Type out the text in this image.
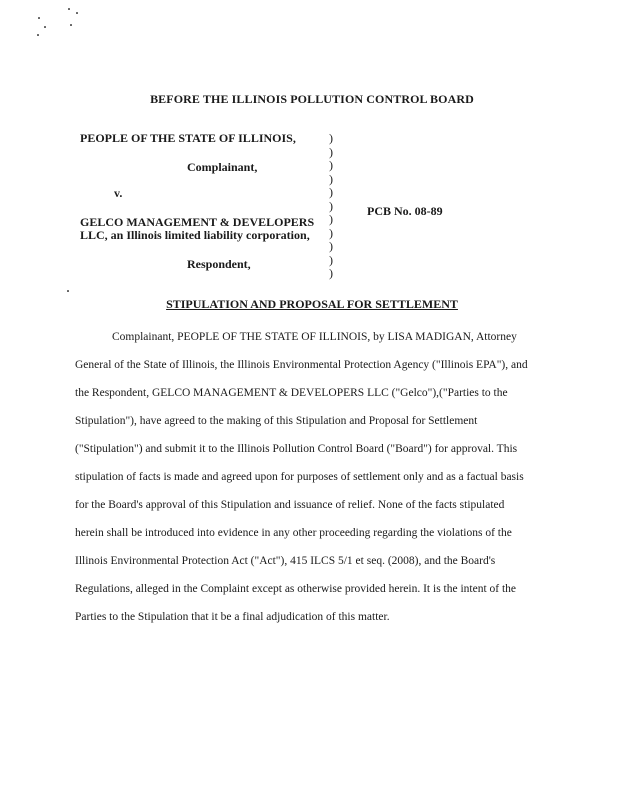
BEFORE THE ILLINOIS POLLUTION CONTROL BOARD
PEOPLE OF THE STATE OF ILLINOIS,
Complainant,
v.
GELCO MANAGEMENT & DEVELOPERS
LLC, an Illinois limited liability corporation,
Respondent,
)
)
)
)
)
)
)
)
)
)
)
PCB No. 08-89
STIPULATION AND PROPOSAL FOR SETTLEMENT
Complainant, PEOPLE OF THE STATE OF ILLINOIS, by LISA MADIGAN, Attorney
General of the State of Illinois, the Illinois Environmental Protection Agency ("Illinois EPA"), and
the Respondent, GELCO MANAGEMENT & DEVELOPERS LLC ("Gelco"),("Parties to the
Stipulation"), have agreed to the making of this Stipulation and Proposal for Settlement
("Stipulation") and submit it to the Illinois Pollution Control Board ("Board") for approval. This
stipulation of facts is made and agreed upon for purposes of settlement only and as a factual basis
for the Board's approval of this Stipulation and issuance of relief. None of the facts stipulated
herein shall be introduced into evidence in any other proceeding regarding the violations of the
Illinois Environmental Protection Act ("Act"), 415 ILCS 5/1 et seq. (2008), and the Board's
Regulations, alleged in the Complaint except as otherwise provided herein. It is the intent of the
Parties to the Stipulation that it be a final adjudication of this matter.
